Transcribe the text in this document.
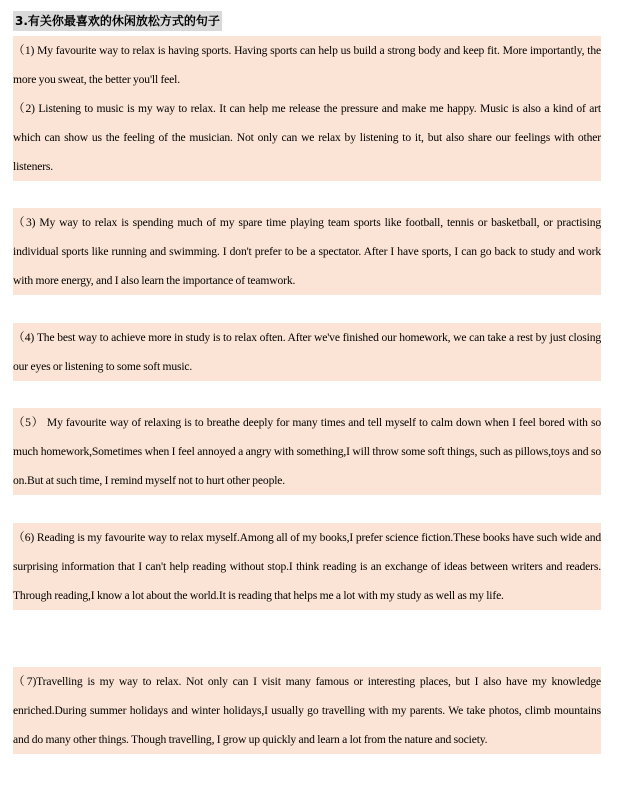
3.有关你最喜欢的休闲放松方式的句子

（1) My favourite way to relax is having sports. Having sports can help us build a strong body and keep fit. More importantly, the more you sweat, the better you'll feel.

（2) Listening to music is my way to relax. It can help me release the pressure and make me happy. Music is also a kind of art which can show us the feeling of the musician. Not only can we relax by listening to it, but also share our feelings with other listeners.

（3) My way to relax is spending much of my spare time playing team sports like football, tennis or basketball, or practising individual sports like running and swimming. I don't prefer to be a spectator. After I have sports, I can go back to study and work with more energy, and I also learn the importance of teamwork.

（4) The best way to achieve more in study is to relax often. After we've finished our homework, we can take a rest by just closing our eyes or listening to some soft music.

（5） My favourite way of relaxing is to breathe deeply for many times and tell myself to calm down when I feel bored with so much homework,Sometimes when I feel annoyed a angry with something,I will throw some soft things, such as pillows,toys and so on.But at such time, I remind myself not to hurt other people.

（6) Reading is my favourite way to relax myself.Among all of my books,I prefer science fiction.These books have such wide and surprising information that I can't help reading without stop.I think reading is an exchange of ideas between writers and readers. Through reading,I know a lot about the world.It is reading that helps me a lot with my study as well as my life.

（7)Travelling is my way to relax. Not only can I visit many famous or interesting places, but I also have my knowledge enriched.During summer holidays and winter holidays,I usually go travelling with my parents. We take photos, climb mountains and do many other things. Though travelling, I grow up quickly and learn a lot from the nature and society.
